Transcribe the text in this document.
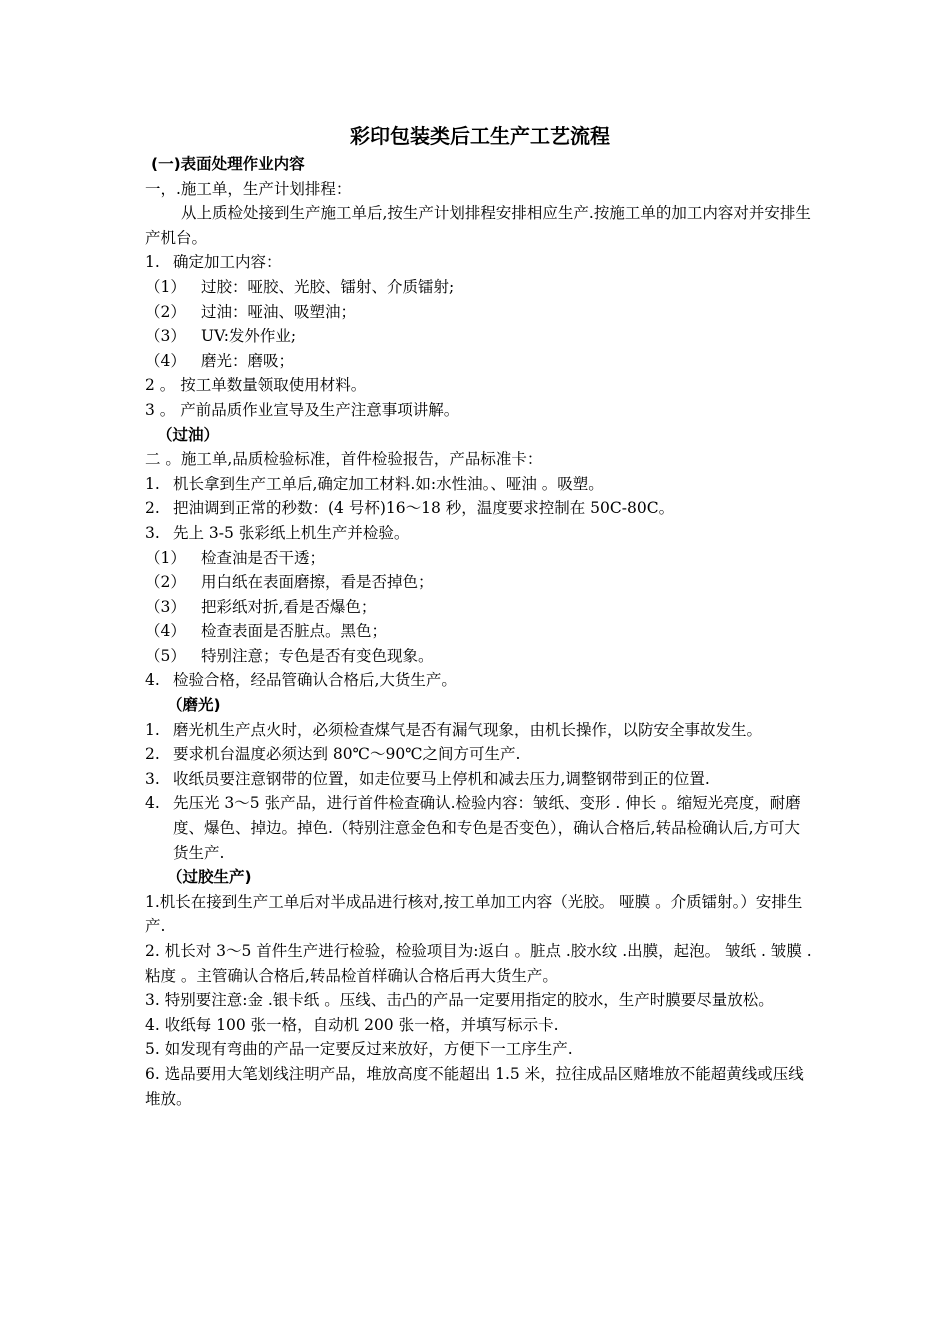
彩印包装类后工生产工艺流程
(一)表面处理作业内容
一，.施工单，生产计划排程：
从上质检处接到生产施工单后,按生产计划排程安排相应生产.按施工单的加工内容对并安排生产机台。
1. 确定加工内容：
（1） 过胶：哑胶、光胶、镭射、介质镭射;
（2） 过油：哑油、吸塑油；
（3） UV:发外作业;
（4） 磨光：磨吸；
2 。 按工单数量领取使用材料。
3 。 产前品质作业宣导及生产注意事项讲解。
（过油）
二 。施工单,品质检验标准，首件检验报告，产品标准卡：
1. 机长拿到生产工单后,确定加工材料.如:水性油。、哑油 。吸塑。
2. 把油调到正常的秒数：(4 号杯)16～18 秒，温度要求控制在 50C-80C。
3. 先上 3-5 张彩纸上机生产并检验。
（1） 检查油是否干透；
（2） 用白纸在表面磨擦，看是否掉色；
（3） 把彩纸对折,看是否爆色；
（4） 检查表面是否脏点。黑色；
（5） 特别注意；专色是否有变色现象。
4. 检验合格，经品管确认合格后,大货生产。
（磨光)
1. 磨光机生产点火时，必须检查煤气是否有漏气现象，由机长操作，以防安全事故发生。
2. 要求机台温度必须达到 80℃～90℃之间方可生产.
3. 收纸员要注意钢带的位置，如走位要马上停机和减去压力,调整钢带到正的位置.
4. 先压光 3～5 张产品，进行首件检查确认.检验内容：皱纸、变形 . 伸长 。缩短光亮度，耐磨度、爆色、掉边。掉色.（特别注意金色和专色是否变色），确认合格后,转品检确认后,方可大货生产.
（过胶生产)
1.机长在接到生产工单后对半成品进行核对,按工单加工内容（光胶。 哑膜 。介质镭射。）安排生产.
2. 机长对 3～5 首件生产进行检验，检验项目为:返白 。脏点 .胶水纹 .出膜，起泡。 皱纸 . 皱膜 .粘度 。主管确认合格后,转品检首样确认合格后再大货生产。
3. 特别要注意:金 .银卡纸 。压线、击凸的产品一定要用指定的胶水，生产时膜要尽量放松。
4. 收纸每 100 张一格，自动机 200 张一格，并填写标示卡.
5. 如发现有弯曲的产品一定要反过来放好，方便下一工序生产.
6. 选品要用大笔划线注明产品，堆放高度不能超出 1.5 米，拉往成品区赌堆放不能超黄线或压线堆放。
